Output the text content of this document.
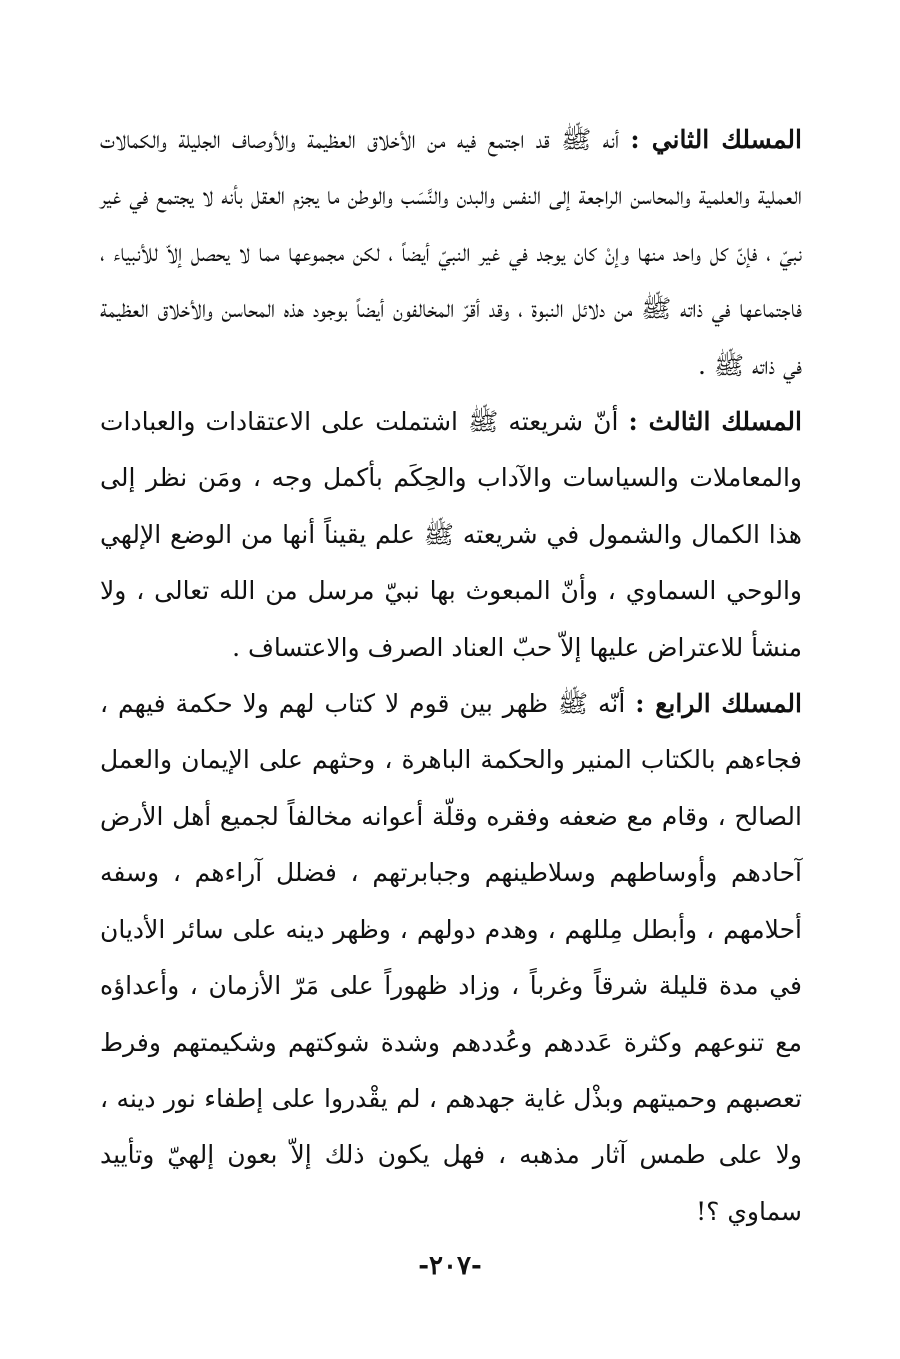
المسلك الثاني : أنه ﷺ قد اجتمع فيه من الأخلاق العظيمة والأوصاف الجليلة والكمالات العملية والعلمية والمحاسن الراجعة إلى النفس والبدن والنَّسَب والوطن ما يجزم العقل بأنه لا يجتمع في غير نبيّ ، فإنّ كل واحد منها وإنْ كان يوجد في غير النبيّ أيضاً ، لكن مجموعها مما لا يحصل إلاّ للأنبياء ، فاجتماعها في ذاته ﷺ من دلائل النبوة ، وقد أقرّ المخالفون أيضاً بوجود هذه المحاسن والأخلاق العظيمة في ذاته ﷺ .

المسلك الثالث : أنّ شريعته ﷺ اشتملت على الاعتقادات والعبادات والمعاملات والسياسات والآداب والحِكَم بأكمل وجه ، ومَن نظر إلى هذا الكمال والشمول في شريعته ﷺ علم يقيناً أنها من الوضع الإلهي والوحي السماوي ، وأنّ المبعوث بها نبيّ مرسل من الله تعالى ، ولا منشأ للاعتراض عليها إلاّ حبّ العناد الصرف والاعتساف .

المسلك الرابع : أنّه ﷺ ظهر بين قوم لا كتاب لهم ولا حكمة فيهم ، فجاءهم بالكتاب المنير والحكمة الباهرة ، وحثهم على الإيمان والعمل الصالح ، وقام مع ضعفه وفقره وقلّة أعوانه مخالفاً لجميع أهل الأرض آحادهم وأوساطهم وسلاطينهم وجبابرتهم ، فضلل آراءهم ، وسفه أحلامهم ، وأبطل مِللهم ، وهدم دولهم ، وظهر دينه على سائر الأديان في مدة قليلة شرقاً وغرباً ، وزاد ظهوراً على مَرّ الأزمان ، وأعداؤه مع تنوعهم وكثرة عَددهم وعُددهم وشدة شوكتهم وشكيمتهم وفرط تعصبهم وحميتهم وبذْل غاية جهدهم ، لم يقْدروا على إطفاء نور دينه ، ولا على طمس آثار مذهبه ، فهل يكون ذلك إلاّ بعون إلهيّ وتأييد سماوي ؟!

-٢٠٧-
